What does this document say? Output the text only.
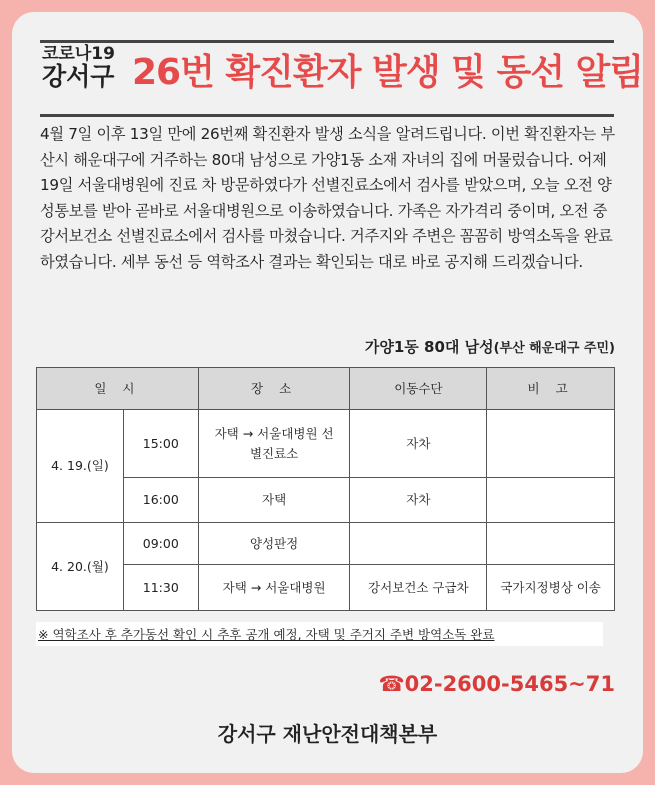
코로나19
강서구 26번 확진환자 발생 및 동선 알림
4월 7일 이후 13일 만에 26번째 확진환자 발생 소식을 알려드립니다. 이번 확진환자는 부산시 해운대구에 거주하는 80대 남성으로 가양1동 소재 자녀의 집에 머물렀습니다. 어제 19일 서울대병원에 진료 차 방문하였다가 선별진료소에서 검사를 받았으며, 오늘 오전 양성통보를 받아 곧바로 서울대병원으로 이송하였습니다. 가족은 자가격리 중이며, 오전 중 강서보건소 선별진료소에서 검사를 마쳤습니다. 거주지와 주변은 꼼꼼히 방역소독을 완료하였습니다. 세부 동선 등 역학조사 결과는 확인되는 대로 바로 공지해 드리겠습니다.
가양1동 80대 남성(부산 해운대구 주민)
일 시		장 소	이동수단	비 고
4. 19.(일)	15:00	자택 → 서울대병원 선별진료소	자차	
	16:00	자택	자차	
4. 20.(월)	09:00	양성판정		
	11:30	자택 → 서울대병원	강서보건소 구급차	국가지정병상 이송
※ 역학조사 후 추가동선 확인 시 추후 공개 예정, 자택 및 주거지 주변 방역소독 완료
☎02-2600-5465~71
강서구 재난안전대책본부
